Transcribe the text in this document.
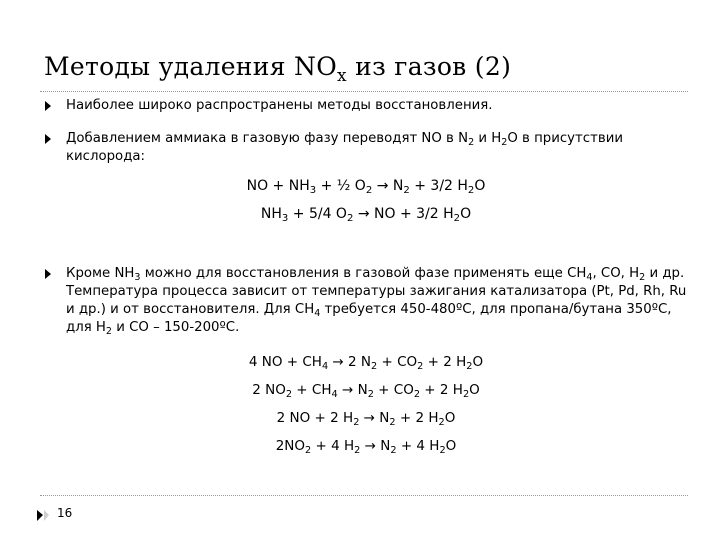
Методы удаления $NO_x$ из газов (2)
Наиболее широко распространены методы восстановления.
Добавлением аммиака в газовую фазу переводят NO в $N_2$ и $H_2O$ в присутствии кислорода:
NO + $NH_3$ + ½ $O_2 \to N_2 + 3/2$ $H_2O$
$NH_3 + 5/4$ $O_2$ → NO + 3/2 $H_2O$
Кроме $NH_3$ можно для восстановления в газовой фазе применять еще $CH_4$, CO, $H_2$ и др. Температура процесса зависит от температуры зажигания катализатора (Pt, Pd, Rh, Ru и др.) и от восстановителя. Для $CH_4$ требуется 450-480ºС, для пропана/бутана 350ºС, для $H_2$ и CO – 150-200ºС.
4 NO + $CH_4 \to 2$ $N_2 + CO_2 + 2$ $H_2O$
2 $NO_2 + CH_4 \to N_2 + CO_2 + 2$ $H_2O$
2 NO + 2 $H_2 \to N_2 + 2$ $H_2O$
$2NO_2 + 4$ $H_2 \to N_2 + 4$ $H_2O$
16
